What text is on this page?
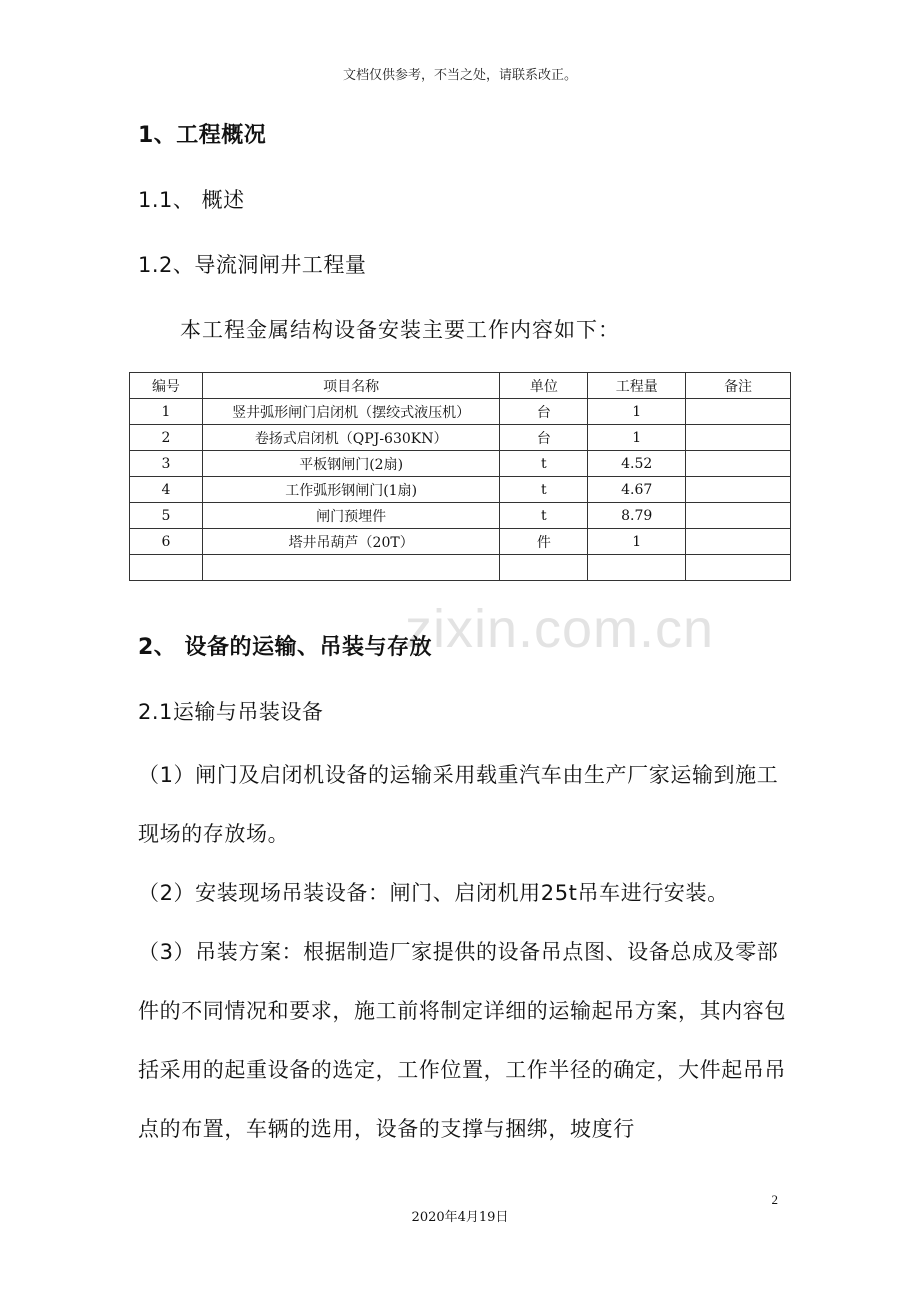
文档仅供参考，不当之处，请联系改正。
1、工程概况
1.1、 概述
1.2、导流洞闸井工程量
本工程金属结构设备安装主要工作内容如下：
编号	项目名称	单位	工程量	备注
1	竖井弧形闸门启闭机（摆绞式液压机）	台	1	
2	卷扬式启闭机（QPJ-630KN）	台	1	
3	平板钢闸门(2扇)	t	4.52	
4	工作弧形钢闸门(1扇)	t	4.67	
5	闸门预埋件	t	8.79	
6	塔井吊葫芦（20T）	件	1	

zixin.com.cn
2、 设备的运输、吊装与存放
2.1运输与吊装设备
（1）闸门及启闭机设备的运输采用载重汽车由生产厂家运输到施工现场的存放场。
（2）安装现场吊装设备：闸门、启闭机用25t吊车进行安装。
（3）吊装方案：根据制造厂家提供的设备吊点图、设备总成及零部件的不同情况和要求，施工前将制定详细的运输起吊方案，其内容包括采用的起重设备的选定，工作位置，工作半径的确定，大件起吊吊点的布置，车辆的选用，设备的支撑与捆绑，坡度行
2
2020年4月19日
